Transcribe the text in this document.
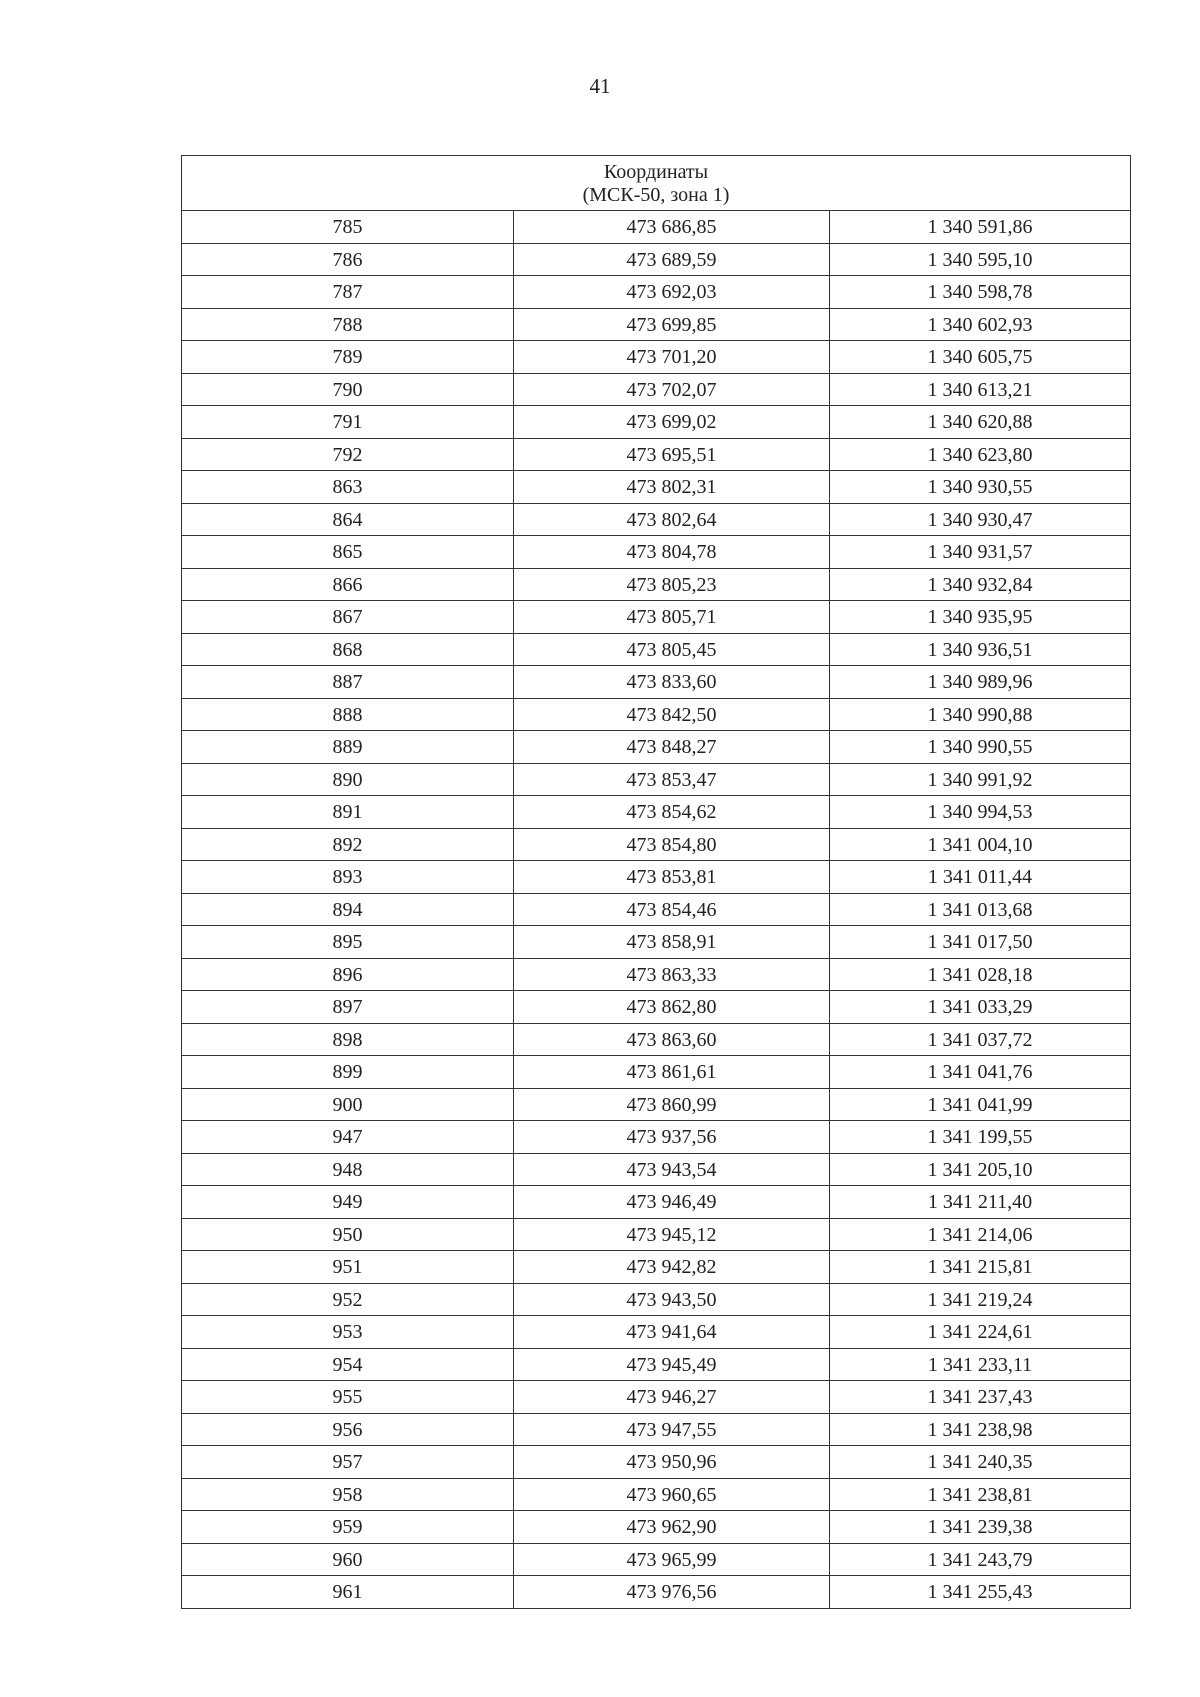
41
Координаты
(МСК-50, зона 1)		

785	473 686,85	1 340 591,86
786	473 689,59	1 340 595,10
787	473 692,03	1 340 598,78
788	473 699,85	1 340 602,93
789	473 701,20	1 340 605,75
790	473 702,07	1 340 613,21
791	473 699,02	1 340 620,88
792	473 695,51	1 340 623,80
863	473 802,31	1 340 930,55
864	473 802,64	1 340 930,47
865	473 804,78	1 340 931,57
866	473 805,23	1 340 932,84
867	473 805,71	1 340 935,95
868	473 805,45	1 340 936,51
887	473 833,60	1 340 989,96
888	473 842,50	1 340 990,88
889	473 848,27	1 340 990,55
890	473 853,47	1 340 991,92
891	473 854,62	1 340 994,53
892	473 854,80	1 341 004,10
893	473 853,81	1 341 011,44
894	473 854,46	1 341 013,68
895	473 858,91	1 341 017,50
896	473 863,33	1 341 028,18
897	473 862,80	1 341 033,29
898	473 863,60	1 341 037,72
899	473 861,61	1 341 041,76
900	473 860,99	1 341 041,99
947	473 937,56	1 341 199,55
948	473 943,54	1 341 205,10
949	473 946,49	1 341 211,40
950	473 945,12	1 341 214,06
951	473 942,82	1 341 215,81
952	473 943,50	1 341 219,24
953	473 941,64	1 341 224,61
954	473 945,49	1 341 233,11
955	473 946,27	1 341 237,43
956	473 947,55	1 341 238,98
957	473 950,96	1 341 240,35
958	473 960,65	1 341 238,81
959	473 962,90	1 341 239,38
960	473 965,99	1 341 243,79
961	473 976,56	1 341 255,43
